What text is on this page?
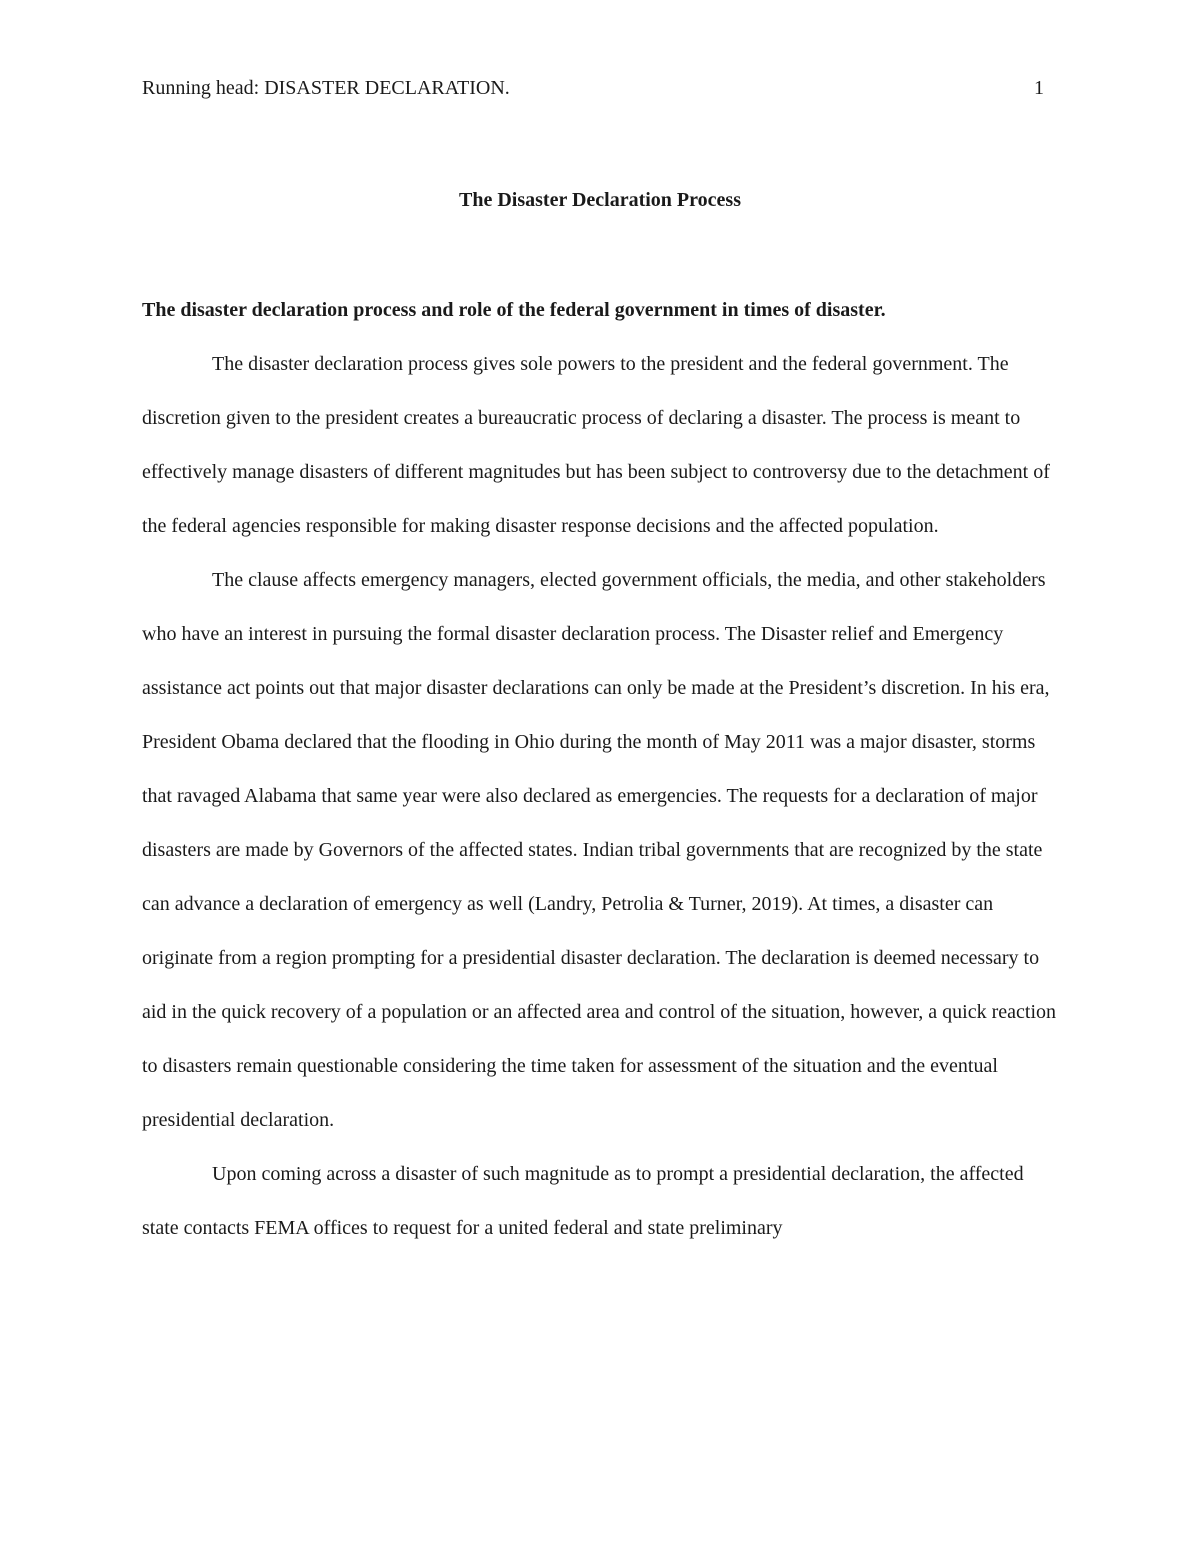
Running head: DISASTER DECLARATION.	1
The Disaster Declaration Process

The disaster declaration process and role of the federal government in times of disaster.

The disaster declaration process gives sole powers to the president and the federal government. The discretion given to the president creates a bureaucratic process of declaring a disaster. The process is meant to effectively manage disasters of different magnitudes but has been subject to controversy due to the detachment of the federal agencies responsible for making disaster response decisions and the affected population.

The clause affects emergency managers, elected government officials, the media, and other stakeholders who have an interest in pursuing the formal disaster declaration process. The Disaster relief and Emergency assistance act points out that major disaster declarations can only be made at the President’s discretion. In his era, President Obama declared that the flooding in Ohio during the month of May 2011 was a major disaster, storms that ravaged Alabama that same year were also declared as emergencies. The requests for a declaration of major disasters are made by Governors of the affected states. Indian tribal governments that are recognized by the state can advance a declaration of emergency as well (Landry, Petrolia & Turner, 2019). At times, a disaster can originate from a region prompting for a presidential disaster declaration. The declaration is deemed necessary to aid in the quick recovery of a population or an affected area and control of the situation, however, a quick reaction to disasters remain questionable considering the time taken for assessment of the situation and the eventual presidential declaration.

Upon coming across a disaster of such magnitude as to prompt a presidential declaration, the affected state contacts FEMA offices to request for a united federal and state preliminary
